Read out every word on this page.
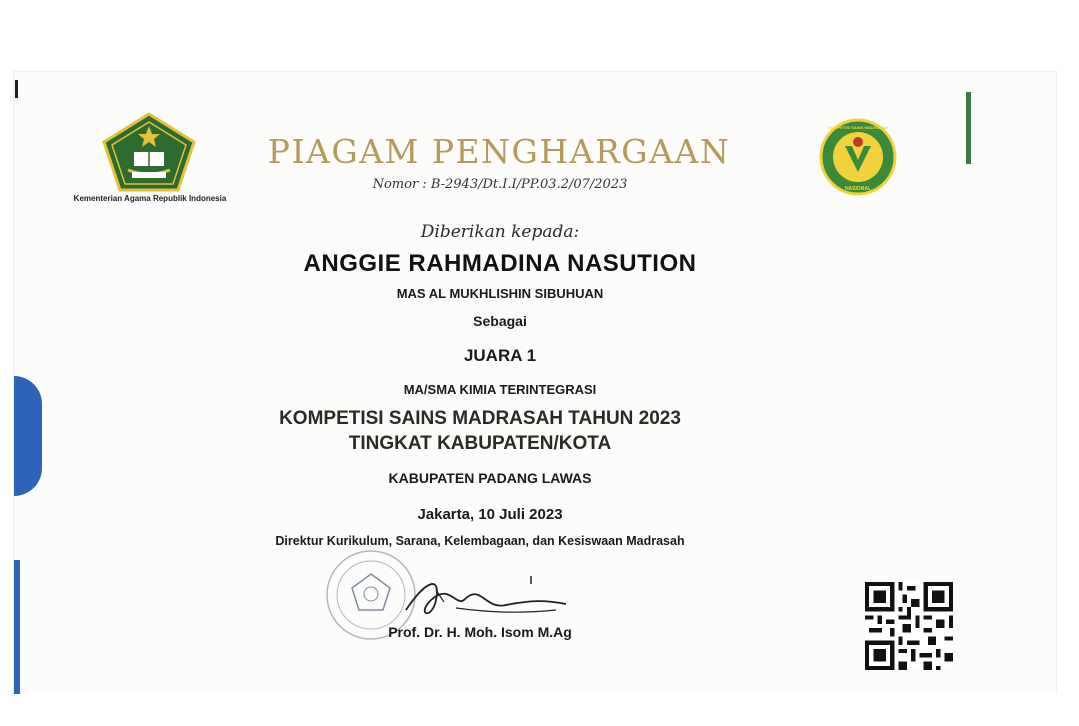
Kementerian Agama Republik Indonesia
NASIONAL
KOMPETISI SAINS MADRASAH
PIAGAM PENGHARGAAN
Nomor : B-2943/Dt.I.I/PP.03.2/07/2023
Diberikan kepada:
ANGGIE RAHMADINA NASUTION
MAS AL MUKHLISHIN SIBUHUAN
Sebagai
JUARA 1
MA/SMA KIMIA TERINTEGRASI
KOMPETISI SAINS MADRASAH TAHUN 2023
TINGKAT KABUPATEN/KOTA
KABUPATEN PADANG LAWAS
Jakarta, 10 Juli 2023
Direktur Kurikulum, Sarana, Kelembagaan, dan Kesiswaan Madrasah
Prof. Dr. H. Moh. Isom M.Ag
